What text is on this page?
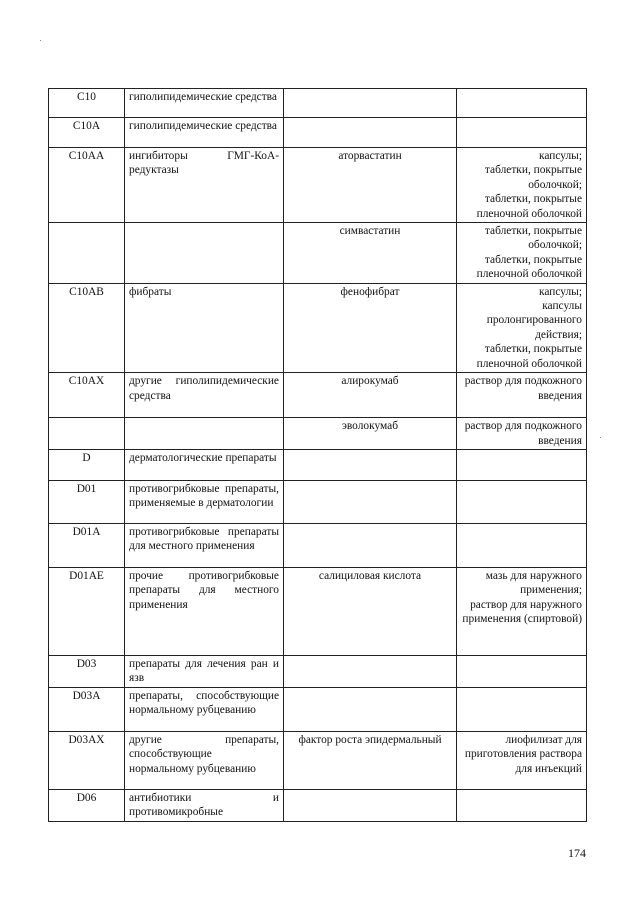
C10	гиполипидемические средства		
C10A	гиполипидемические средства		
C10AA	ингибиторы ГМГ-КоА-редуктазы	аторвастатин	капсулы;
таблетки, покрытые оболочкой;
таблетки, покрытые пленочной оболочкой

		симвастатин	таблетки, покрытые оболочкой;
таблетки, покрытые пленочной оболочкой

C10AB	фибраты	фенофибрат	капсулы;
капсулы пролонгированного действия;
таблетки, покрытые пленочной оболочкой

C10AX	другие гиполипидемические средства	алирокумаб	раствор для подкожного введения

		эволокумаб	раствор для подкожного введения

D	дерматологические препараты		
D01	противогрибковые препараты, применяемые в дерматологии		
D01A	противогрибковые препараты для местного применения		
D01AE	прочие противогрибковые препараты для местного применения	салициловая кислота	мазь для наружного применения;
раствор для наружного применения (спиртовой)

D03	препараты для лечения ран и язв		
D03A	препараты, способствующие нормальному рубцеванию		
D03AX	другие препараты, способствующие нормальному рубцеванию	фактор роста эпидермальный	лиофилизат для приготовления раствора для инъекций

D06	антибиотики и противомикробные		
174
